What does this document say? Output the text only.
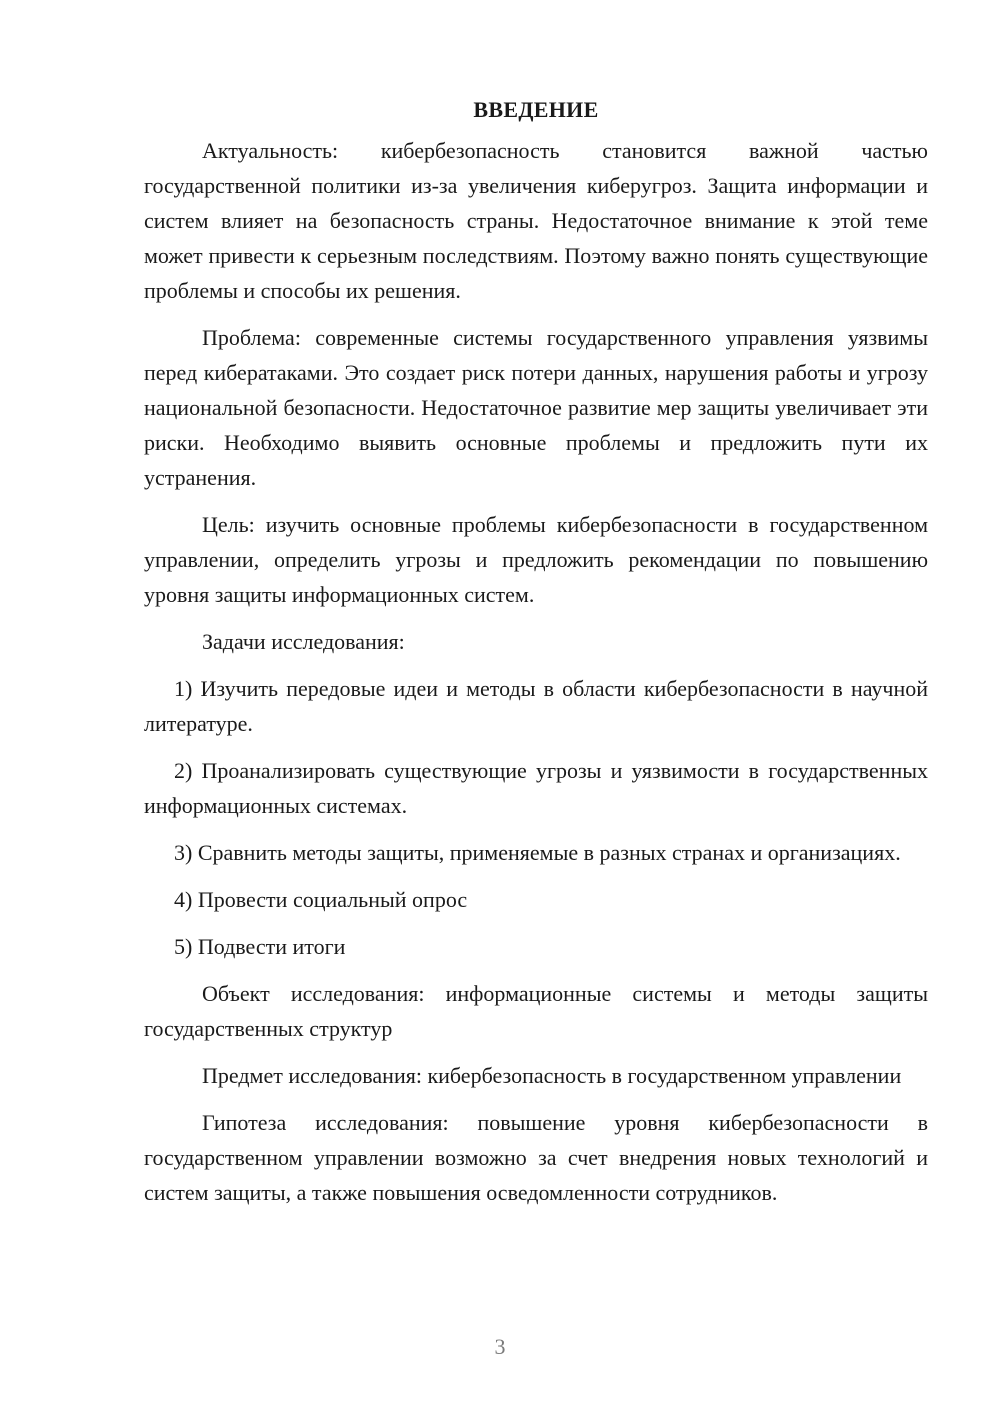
ВВЕДЕНИЕ

Актуальность: кибербезопасность становится важной частью государственной политики из-за увеличения киберугроз. Защита информации и систем влияет на безопасность страны. Недостаточное внимание к этой теме может привести к серьезным последствиям. Поэтому важно понять существующие проблемы и способы их решения.

Проблема: современные системы государственного управления уязвимы перед кибератаками. Это создает риск потери данных, нарушения работы и угрозу национальной безопасности. Недостаточное развитие мер защиты увеличивает эти риски. Необходимо выявить основные проблемы и предложить пути их устранения.

Цель: изучить основные проблемы кибербезопасности в государственном управлении, определить угрозы и предложить рекомендации по повышению уровня защиты информационных систем.

Задачи исследования:

1) Изучить передовые идеи и методы в области кибербезопасности в научной литературе.

2) Проанализировать существующие угрозы и уязвимости в государственных информационных системах.

3) Сравнить методы защиты, применяемые в разных странах и организациях.

4) Провести социальный опрос

5) Подвести итоги

Объект исследования: информационные системы и методы защиты государственных структур

Предмет исследования: кибербезопасность в государственном управлении

Гипотеза исследования: повышение уровня кибербезопасности в государственном управлении возможно за счет внедрения новых технологий и систем защиты, а также повышения осведомленности сотрудников.

3
